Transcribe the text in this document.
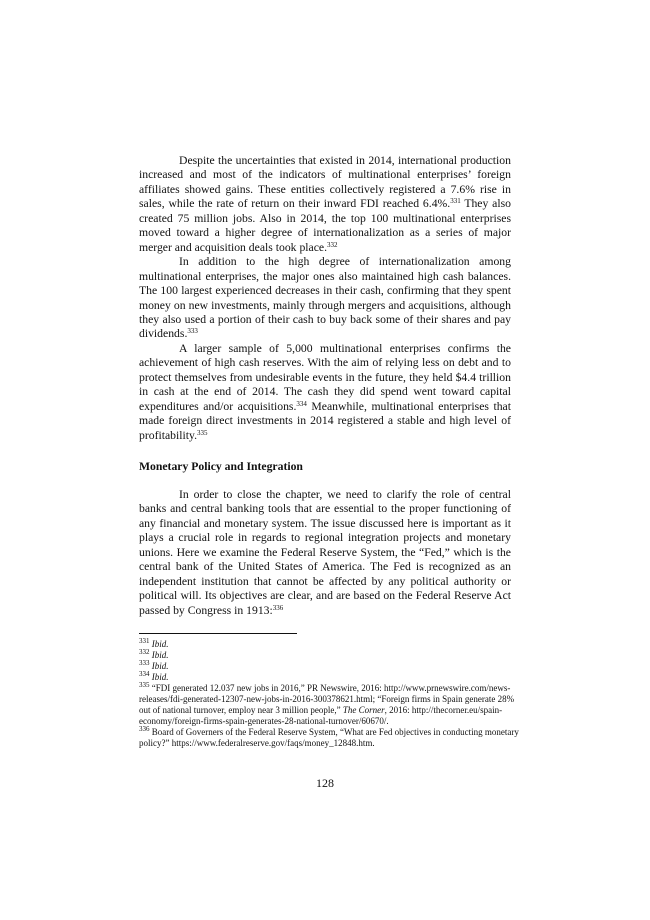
Despite the uncertainties that existed in 2014, international production increased and most of the indicators of multinational enterprises’ foreign affiliates showed gains. These entities collectively registered a 7.6% rise in sales, while the rate of return on their inward FDI reached 6.4%.$^{331}$ They also created 75 million jobs. Also in 2014, the top 100 multinational enterprises moved toward a higher degree of internationalization as a series of major merger and acquisition deals took place.$^{332}$

In addition to the high degree of internationalization among multinational enterprises, the major ones also maintained high cash balances. The 100 largest experienced decreases in their cash, confirming that they spent money on new investments, mainly through mergers and acquisitions, although they also used a portion of their cash to buy back some of their shares and pay dividends.$^{333}$

A larger sample of 5,000 multinational enterprises confirms the achievement of high cash reserves. With the aim of relying less on debt and to protect themselves from undesirable events in the future, they held $4.4 trillion in cash at the end of 2014. The cash they did spend went toward capital expenditures and/or acquisitions.$^{334}$ Meanwhile, multinational enterprises that made foreign direct investments in 2014 registered a stable and high level of profitability.$^{335}$

Monetary Policy and Integration

In order to close the chapter, we need to clarify the role of central banks and central banking tools that are essential to the proper functioning of any financial and monetary system. The issue discussed here is important as it plays a crucial role in regards to regional integration projects and monetary unions. Here we examine the Federal Reserve System, the “Fed,” which is the central bank of the United States of America. The Fed is recognized as an independent institution that cannot be affected by any political authority or political will. Its objectives are clear, and are based on the Federal Reserve Act passed by Congress in 1913:$^{336}$

$^{331}$ Ibid.

$^{332}$ Ibid.

$^{333}$ Ibid.

$^{334}$ Ibid.

$^{335}$ “FDI generated 12.037 new jobs in 2016,” PR Newswire, 2016: http://www.prnewswire.com/news-releases/fdi-generated-12307-new-jobs-in-2016-300378621.html; “Foreign firms in Spain generate 28% out of national turnover, employ near 3 million people,” The Corner, 2016: http://thecorner.eu/spain-economy/foreign-firms-spain-generates-28-national-turnover/60670/.

$^{336}$ Board of Governers of the Federal Reserve System, “What are Fed objectives in conducting monetary policy?” https://www.federalreserve.gov/faqs/money_12848.htm.

128
